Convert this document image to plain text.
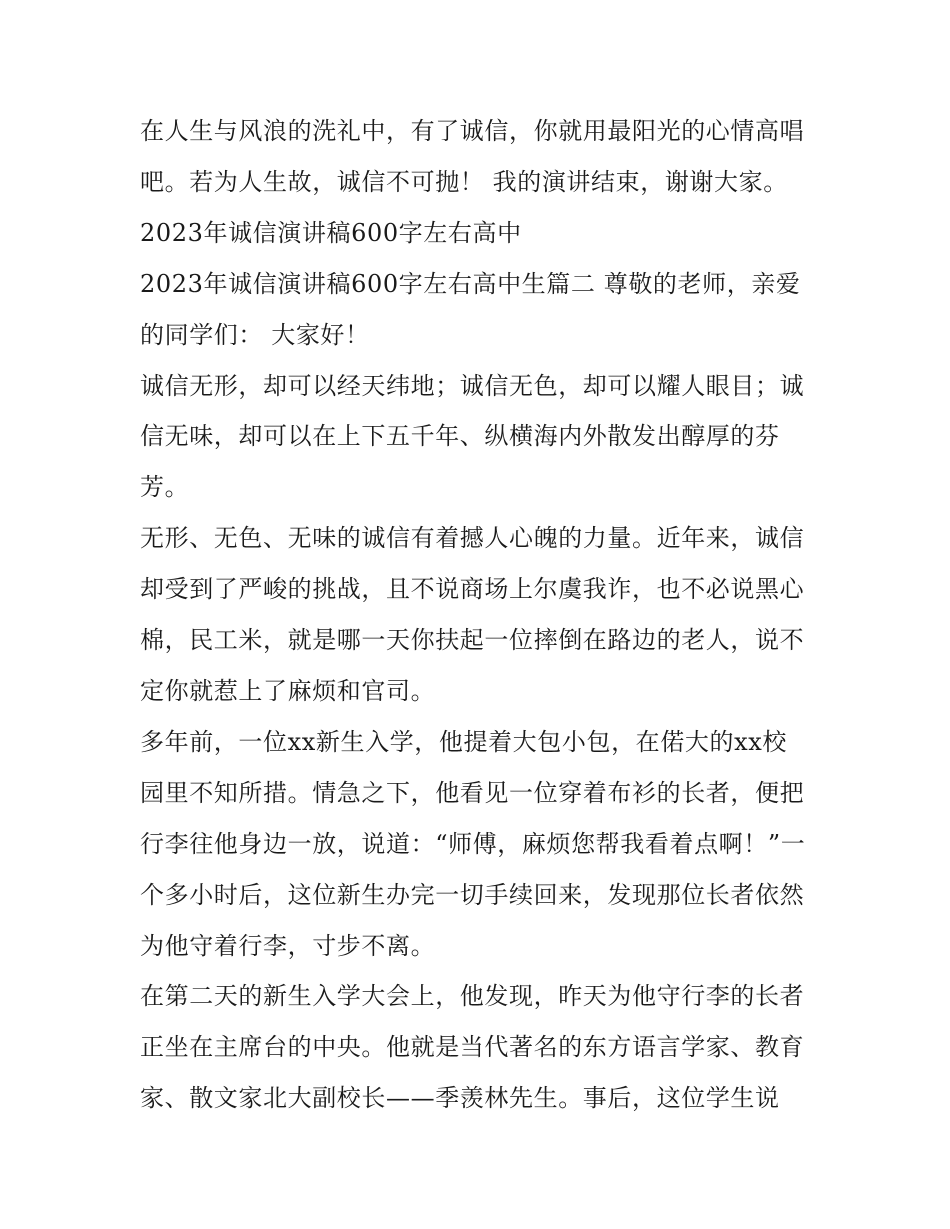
在人生与风浪的洗礼中，有了诚信，你就用最阳光的心情高唱

吧。若为人生故，诚信不可抛！ 我的演讲结束，谢谢大家。

2023年诚信演讲稿600字左右高中

2023年诚信演讲稿600字左右高中生篇二 尊敬的老师，亲爱

的同学们： 大家好！

诚信无形，却可以经天纬地；诚信无色，却可以耀人眼目；诚

信无味，却可以在上下五千年、纵横海内外散发出醇厚的芬

芳。

无形、无色、无味的诚信有着撼人心魄的力量。近年来，诚信

却受到了严峻的挑战，且不说商场上尔虞我诈，也不必说黑心

棉，民工米，就是哪一天你扶起一位摔倒在路边的老人，说不

定你就惹上了麻烦和官司。

多年前，一位xx新生入学，他提着大包小包，在偌大的xx校

园里不知所措。情急之下，他看见一位穿着布衫的长者，便把

行李往他身边一放，说道：“师傅，麻烦您帮我看着点啊！”一

个多小时后，这位新生办完一切手续回来，发现那位长者依然

为他守着行李，寸步不离。

在第二天的新生入学大会上，他发现，昨天为他守行李的长者

正坐在主席台的中央。他就是当代著名的东方语言学家、教育

家、散文家北大副校长——季羡林先生。事后，这位学生说
